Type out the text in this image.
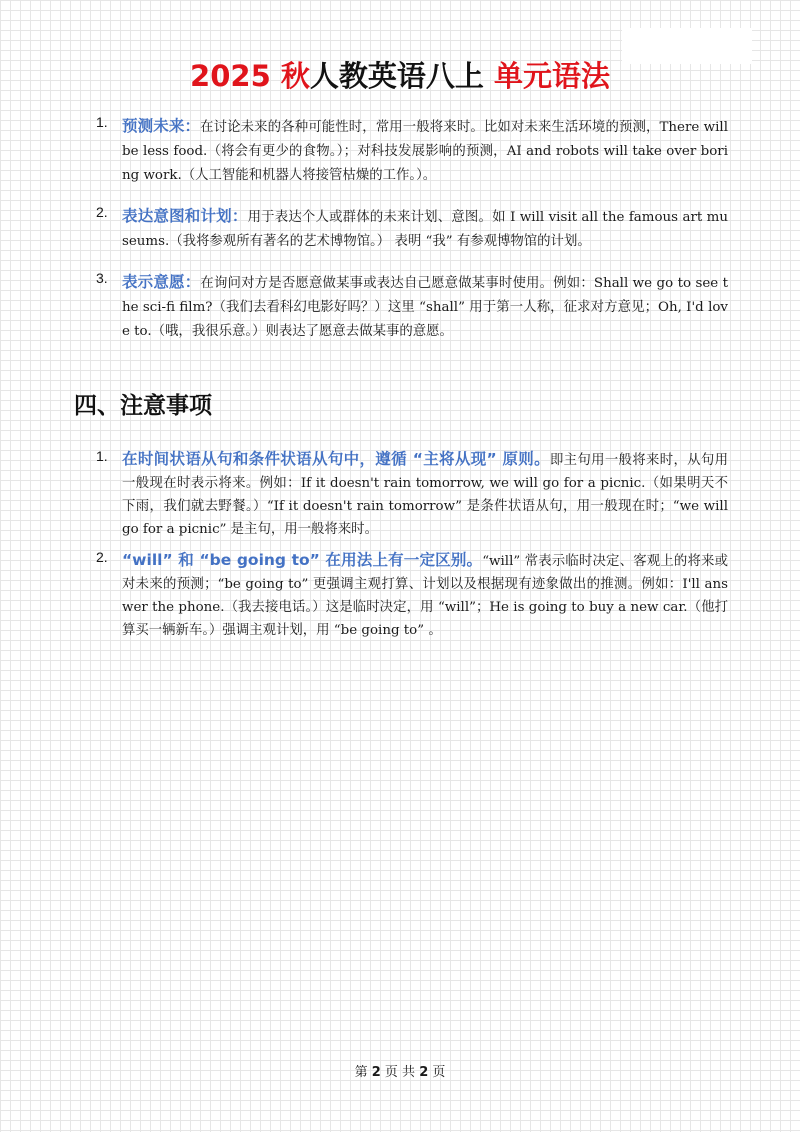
2025 秋人教英语八上 单元语法
1. 预测未来：在讨论未来的各种可能性时，常用一般将来时。比如对未来生活环境的预测，There will be less food.（将会有更少的食物。）；对科技发展影响的预测，AI and robots will take over boring work.（人工智能和机器人将接管枯燥的工作。）。
2. 表达意图和计划：用于表达个人或群体的未来计划、意图。如 I will visit all the famous art museums.（我将参观所有著名的艺术博物馆。） 表明 “我” 有参观博物馆的计划。
3. 表示意愿：在询问对方是否愿意做某事或表达自己愿意做某事时使用。例如：Shall we go to see the sci-fi film?（我们去看科幻电影好吗？）这里 “shall” 用于第一人称，征求对方意见；Oh, I'd love to.（哦，我很乐意。）则表达了愿意去做某事的意愿。
四、注意事项
1. 在时间状语从句和条件状语从句中，遵循 “主将从现” 原则。即主句用一般将来时，从句用一般现在时表示将来。例如：If it doesn't rain tomorrow, we will go for a picnic.（如果明天不下雨，我们就去野餐。）“If it doesn't rain tomorrow” 是条件状语从句，用一般现在时；“we will go for a picnic” 是主句，用一般将来时。
2. “will” 和 “be going to” 在用法上有一定区别。“will” 常表示临时决定、客观上的将来或对未来的预测；“be going to” 更强调主观打算、计划以及根据现有迹象做出的推测。例如：I'll answer the phone.（我去接电话。）这是临时决定，用 “will”；He is going to buy a new car.（他打算买一辆新车。）强调主观计划，用 “be going to” 。
第 2 页 共 2 页
